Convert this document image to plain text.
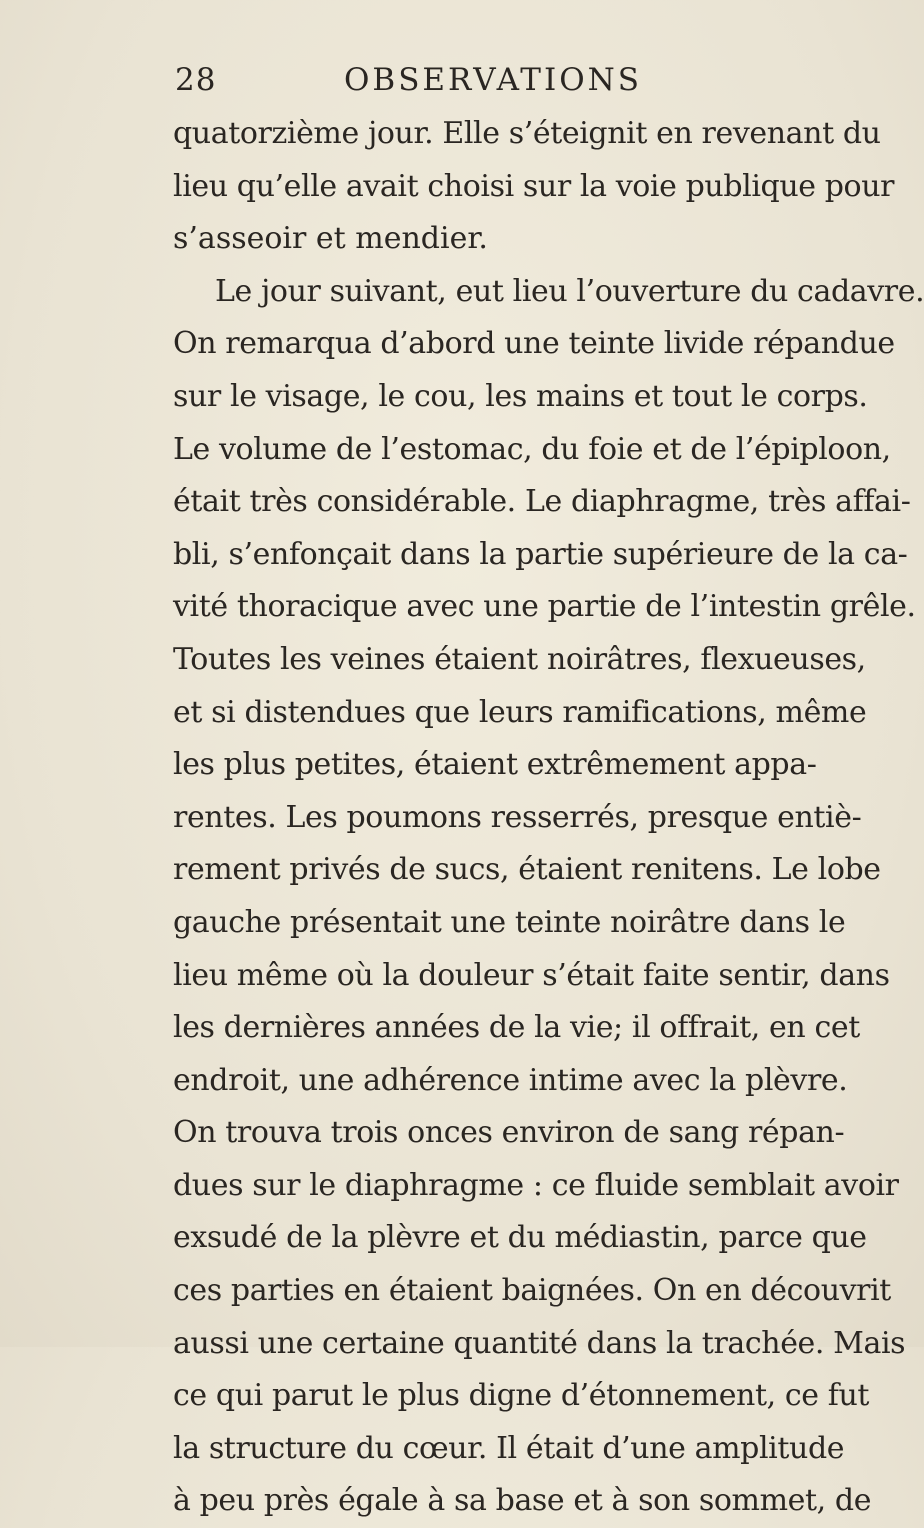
28	OBSERVATIONS
quatorzième jour. Elle s’éteignit en revenant du
lieu qu’elle avait choisi sur la voie publique pour
s’asseoir et mendier.
Le jour suivant, eut lieu l’ouverture du cadavre.
On remarqua d’abord une teinte livide répandue
sur le visage, le cou, les mains et tout le corps.
Le volume de l’estomac, du foie et de l’épiploon,
était très considérable. Le diaphragme, très affai-
bli, s’enfonçait dans la partie supérieure de la ca-
vité thoracique avec une partie de l’intestin grêle.
Toutes les veines étaient noirâtres, flexueuses,
et si distendues que leurs ramifications, même
les plus petites, étaient extrêmement appa-
rentes. Les poumons resserrés, presque entiè-
rement privés de sucs, étaient renitens. Le lobe
gauche présentait une teinte noirâtre dans le
lieu même où la douleur s’était faite sentir, dans
les dernières années de la vie; il offrait, en cet
endroit, une adhérence intime avec la plèvre.
On trouva trois onces environ de sang répan-
dues sur le diaphragme : ce fluide semblait avoir
exsudé de la plèvre et du médiastin, parce que
ces parties en étaient baignées. On en découvrit
aussi une certaine quantité dans la trachée. Mais
ce qui parut le plus digne d’étonnement, ce fut
la structure du cœur. Il était d’une amplitude
à peu près égale à sa base et à son sommet, de
